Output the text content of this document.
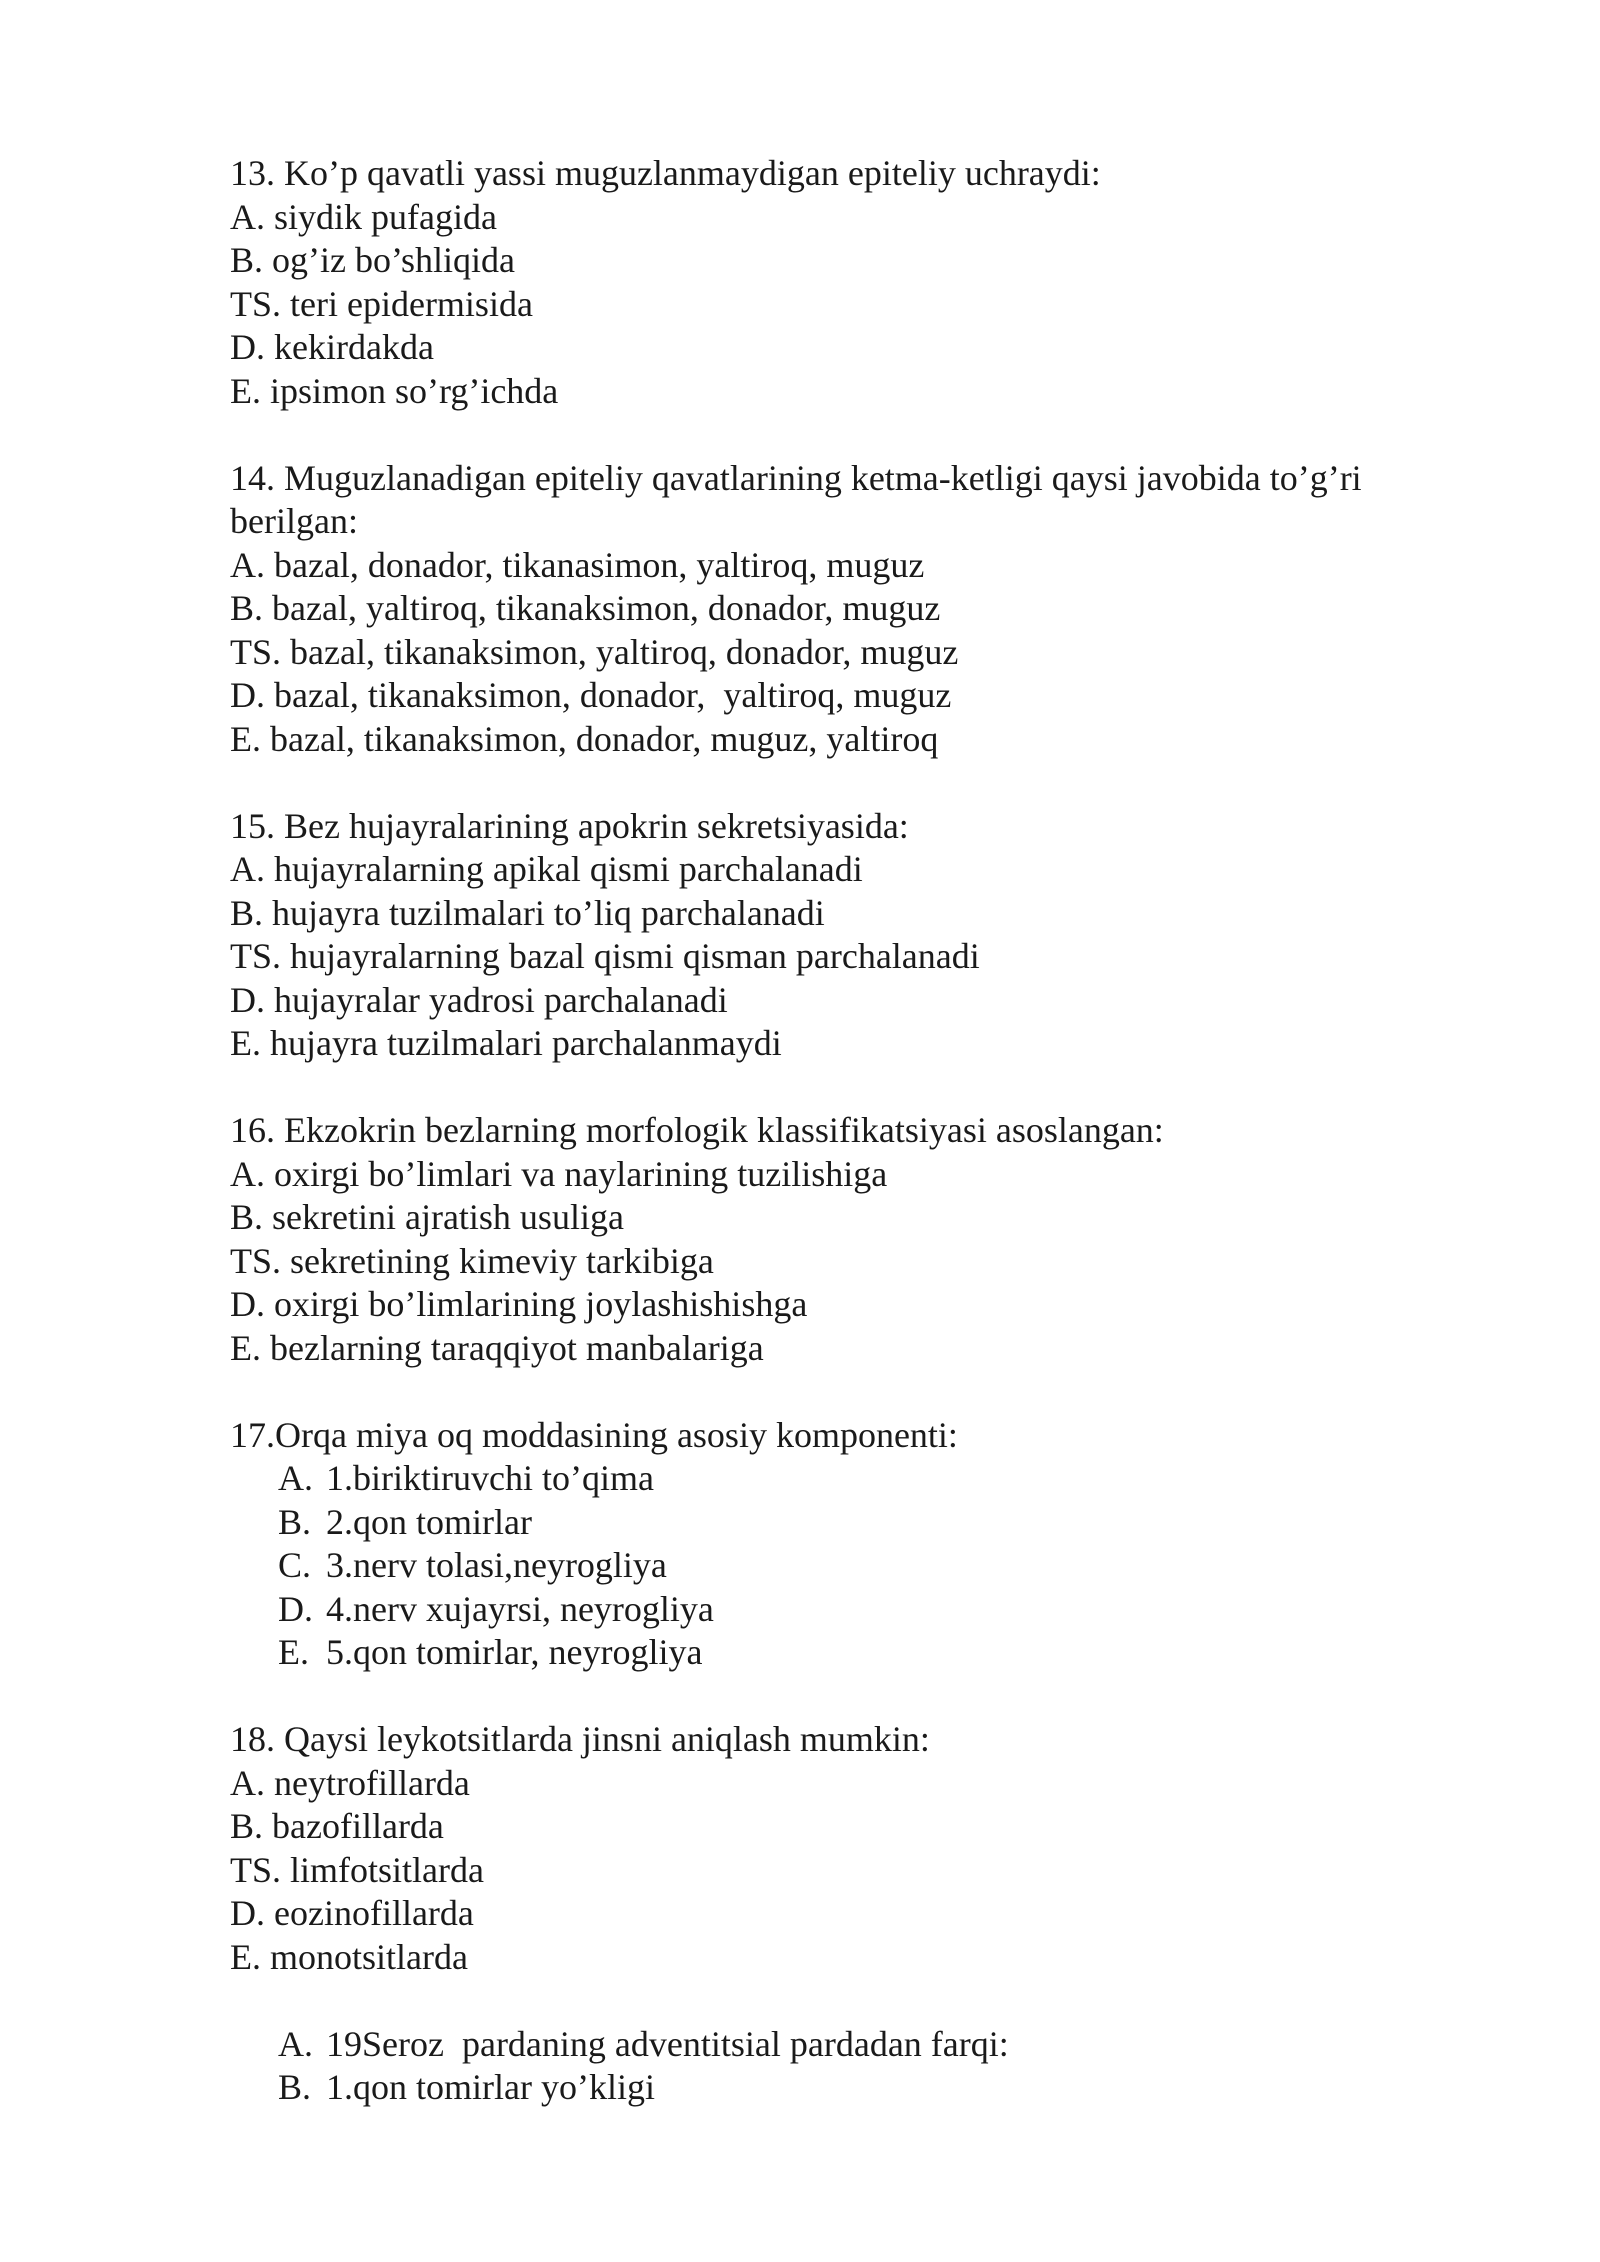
13. Ko’p qavatli yassi muguzlanmaydigan epiteliy uchraydi:
A. siydik pufagida
B. og’iz bo’shliqida
TS. teri epidermisida
D. kekirdakda
E. ipsimon so’rg’ichda
14. Muguzlanadigan epiteliy qavatlarining ketma-ketligi qaysi javobida to’g’ri berilgan:
A. bazal, donador, tikanasimon, yaltiroq, muguz
B. bazal, yaltiroq, tikanaksimon, donador, muguz
TS. bazal, tikanaksimon, yaltiroq, donador, muguz
D. bazal, tikanaksimon, donador,  yaltiroq, muguz
E. bazal, tikanaksimon, donador, muguz, yaltiroq
15. Bez hujayralarining apokrin sekretsiyasida:
A. hujayralarning apikal qismi parchalanadi
B. hujayra tuzilmalari to’liq parchalanadi
TS. hujayralarning bazal qismi qisman parchalanadi
D. hujayralar yadrosi parchalanadi
E. hujayra tuzilmalari parchalanmaydi
16. Ekzokrin bezlarning morfologik klassifikatsiyasi asoslangan:
A. oxirgi bo’limlari va naylarining tuzilishiga
B. sekretini ajratish usuliga
TS. sekretining kimeviy tarkibiga
D. oxirgi bo’limlarining joylashishishga
E. bezlarning taraqqiyot manbalariga
17.Orqa miya oq moddasining asosiy komponenti:
A. 1.biriktiruvchi to’qima
B. 2.qon tomirlar
C. 3.nerv tolasi,neyrogliya
D. 4.nerv xujayrsi, neyrogliya
E. 5.qon tomirlar, neyrogliya
18. Qaysi leykotsitlarda jinsni aniqlash mumkin:
A. neytrofillarda
B. bazofillarda
TS. limfotsitlarda
D. eozinofillarda
E. monotsitlarda
A. 19Seroz  pardaning adventitsial pardadan farqi:
B. 1.qon tomirlar yo’kligi
